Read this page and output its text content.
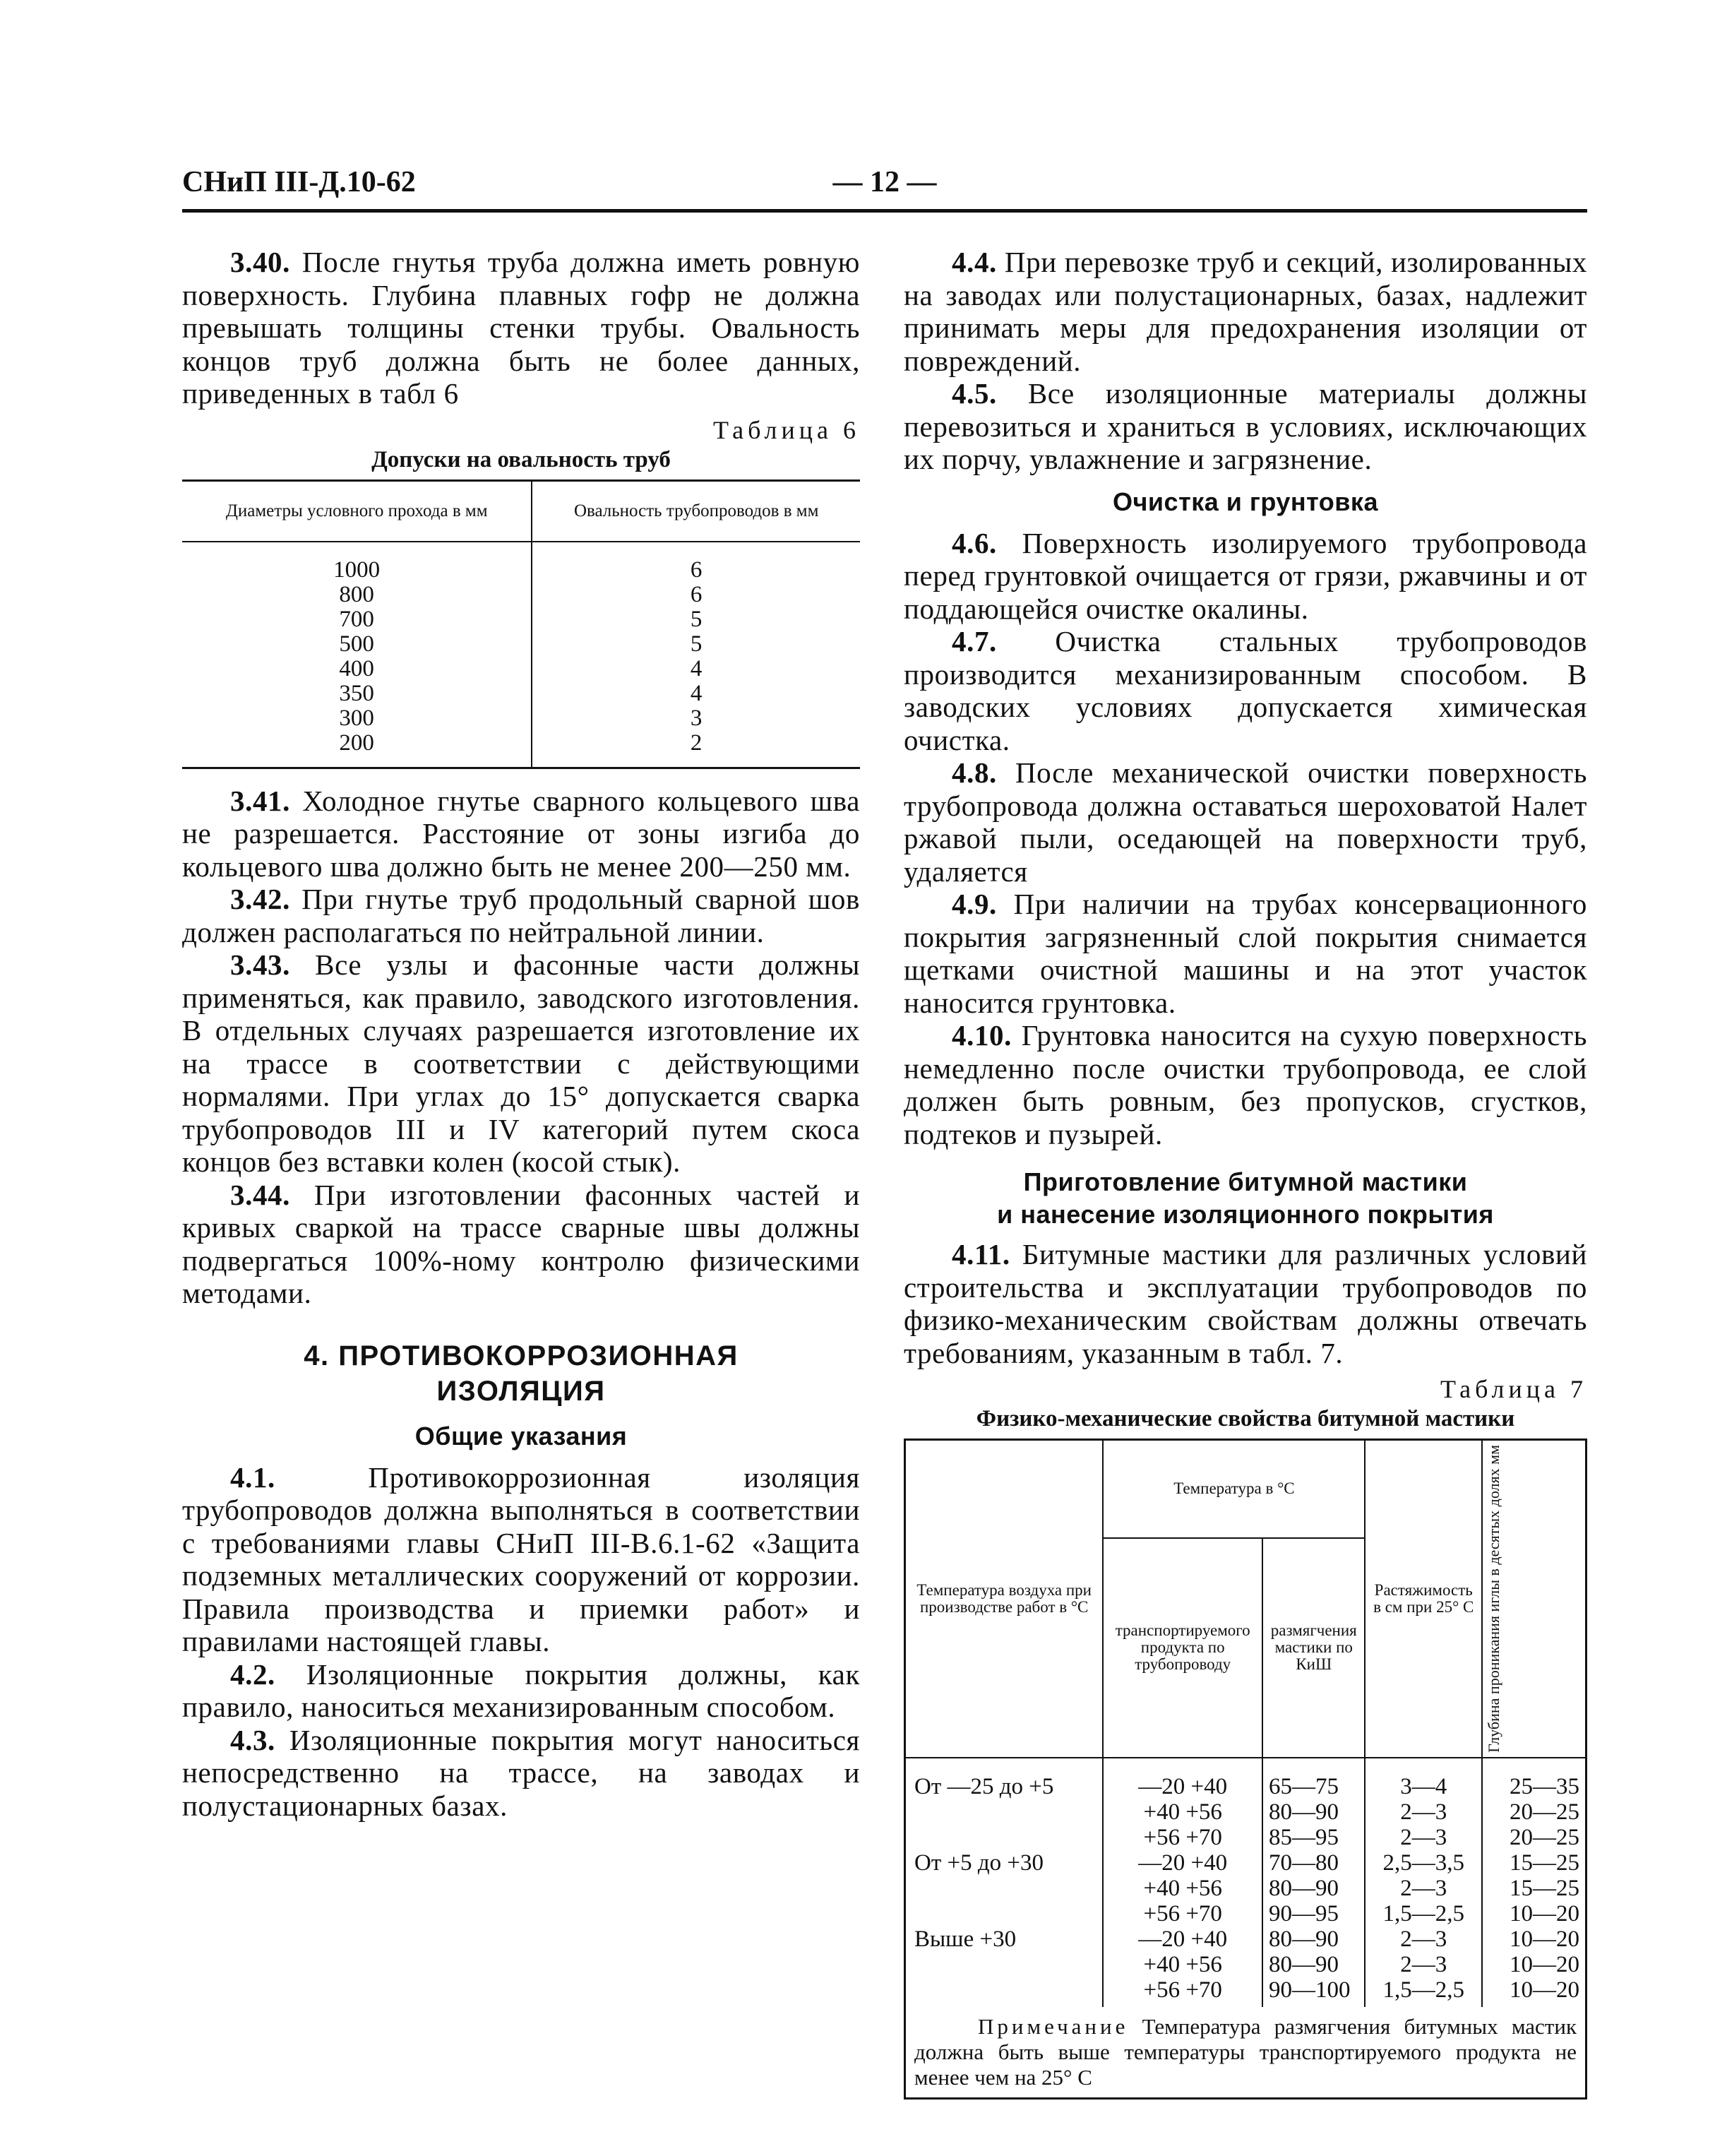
СНиП III-Д.10-62	— 12 —

3.40. После гнутья труба должна иметь ровную поверхность. Глубина плавных гофр не должна превышать толщины стенки трубы. Овальность концов труб должна быть не более данных, приведенных в табл 6

Таблица 6
Допуски на овальность труб
Диаметры условного прохода в мм	Овальность трубопроводов в мм
1000	6
800	6
700	5
500	5
400	4
350	4
300	3
200	2

3.41. Холодное гнутье сварного кольцевого шва не разрешается. Расстояние от зоны изгиба до кольцевого шва должно быть не менее 200—250 мм.

3.42. При гнутье труб продольный сварной шов должен располагаться по нейтральной линии.

3.43. Все узлы и фасонные части должны применяться, как правило, заводского изготовления. В отдельных случаях разрешается изготовление их на трассе в соответствии с действующими нормалями. При углах до 15° допускается сварка трубопроводов III и IV категорий путем скоса концов без вставки колен (косой стык).

3.44. При изготовлении фасонных частей и кривых сваркой на трассе сварные швы должны подвергаться 100%-ному контролю физическими методами.

4. ПРОТИВОКОРРОЗИОННАЯ
ИЗОЛЯЦИЯ
Общие указания

4.1. Противокоррозионная изоляция трубопроводов должна выполняться в соответствии с требованиями главы СНиП III-В.6.1-62 «Защита подземных металлических сооружений от коррозии. Правила производства и приемки работ» и правилами настоящей главы.

4.2. Изоляционные покрытия должны, как правило, наноситься механизированным способом.

4.3. Изоляционные покрытия могут наноситься непосредственно на трассе, на заводах и полустационарных базах.

4.4. При перевозке труб и секций, изолированных на заводах или полустационарных, базах, надлежит принимать меры для предохранения изоляции от повреждений.

4.5. Все изоляционные материалы должны перевозиться и храниться в условиях, исключающих их порчу, увлажнение и загрязнение.

Очистка и грунтовка

4.6. Поверхность изолируемого трубопровода перед грунтовкой очищается от грязи, ржавчины и от поддающейся очистке окалины.

4.7. Очистка стальных трубопроводов производится механизированным способом. В заводских условиях допускается химическая очистка.

4.8. После механической очистки поверхность трубопровода должна оставаться шероховатой Налет ржавой пыли, оседающей на поверхности труб, удаляется

4.9. При наличии на трубах консервационного покрытия загрязненный слой покрытия снимается щетками очистной машины и на этот участок наносится грунтовка.

4.10. Грунтовка наносится на сухую поверхность немедленно после очистки трубопровода, ее слой должен быть ровным, без пропусков, сгустков, подтеков и пузырей.

Приготовление битумной мастики
и нанесение изоляционного покрытия

4.11. Битумные мастики для различных условий строительства и эксплуатации трубопроводов по физико-механическим свойствам должны отвечать требованиям, указанным в табл. 7.

Таблица 7
Физико-механические свойства битумной мастики
Температура воздуха при производстве работ в °С	Температура в °С		Растяжимость в см при 25° С	Глубина проникания иглы в десятых долях мм

	транспортируемого продукта по трубопроводу	размягчения мастики по КиШ		
От —25 до +5	—20 +40	65—75	3—4	25—35
	+40 +56	80—90	2—3	20—25
	+56 +70	85—95	2—3	20—25
От +5 до +30	—20 +40	70—80	2,5—3,5	15—25
	+40 +56	80—90	2—3	15—25
	+56 +70	90—95	1,5—2,5	10—20
Выше +30	—20 +40	80—90	2—3	10—20
	+40 +56	80—90	2—3	10—20
	+56 +70	90—100	1,5—2,5	10—20
Примечание Температура размягчения битумных мастик должна быть выше температуры транспортируемого продукта не менее чем на 25° С				
